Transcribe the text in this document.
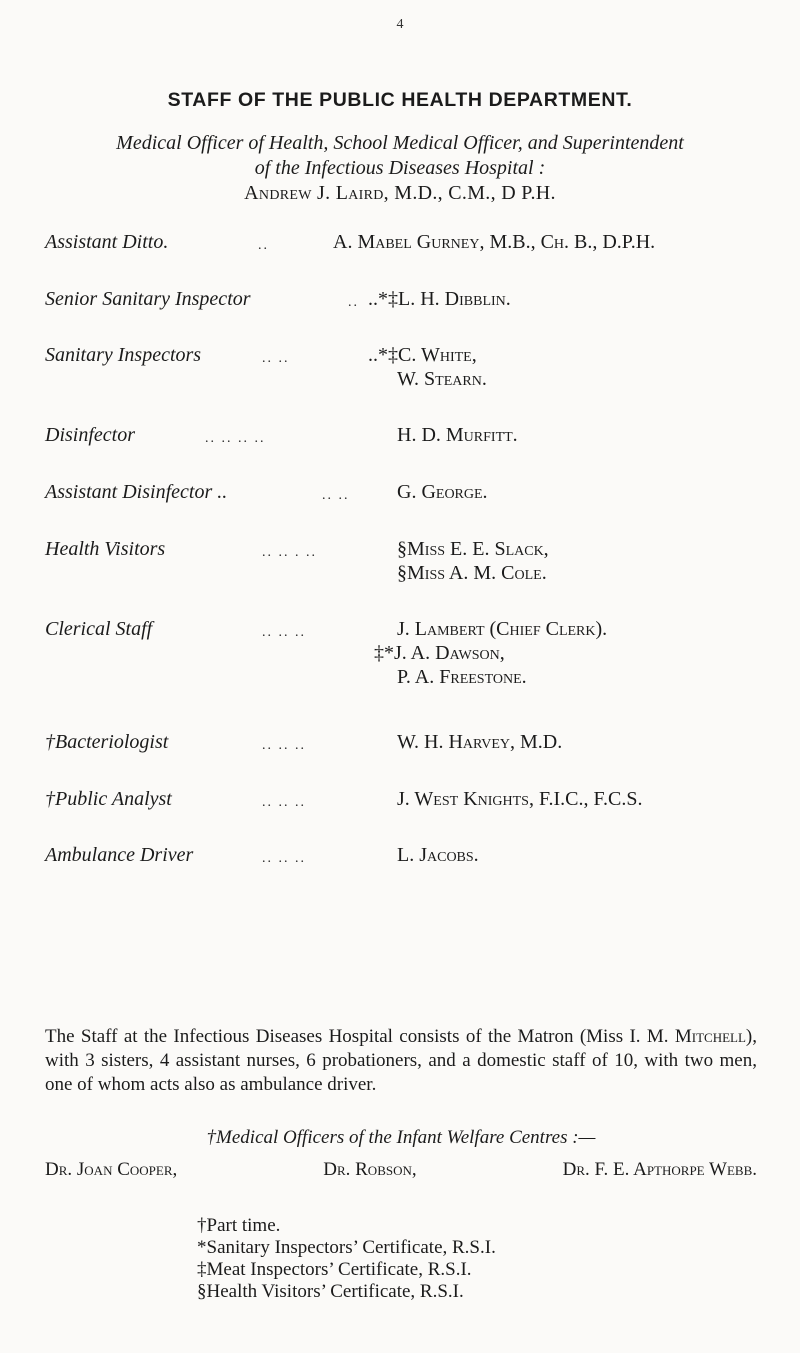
4
STAFF OF THE PUBLIC HEALTH DEPARTMENT.
Medical Officer of Health, School Medical Officer, and Superintendent
of the Infectious Diseases Hospital :
Andrew J. Laird, M.D., C.M., D P.H.
Assistant Ditto.	..	A. Mabel Gurney, M.B., Ch. B., D.P.H.
Senior Sanitary Inspector	.. ..*‡L. H. Dibblin.
Sanitary Inspectors	.. ..	..*‡C. White,
W. Stearn.
Disinfector	.. .. .. ..	H. D. Murfitt.
Assistant Disinfector ..	.. .. G. George.
Health Visitors	.. .. . ..	§Miss E. E. Slack,
§Miss A. M. Cole.
Clerical Staff	.. .. ..	J. Lambert (Chief Clerk).
‡*J. A. Dawson,
P. A. Freestone.
†Bacteriologist	.. .. ..	W. H. Harvey, M.D.
†Public Analyst	.. .. ..	J. West Knights, F.I.C., F.C.S.
Ambulance Driver	.. .. ..	L. Jacobs.
The Staff at the Infectious Diseases Hospital consists of the Matron (Miss I. M. Mitchell), with 3 sisters, 4 assistant nurses, 6 probationers, and a domestic staff of 10, with two men, one of whom acts also as ambulance driver.
†Medical Officers of the Infant Welfare Centres :—
Dr. Joan Cooper,	Dr. Robson,	Dr. F. E. Apthorpe Webb.
†Part time.
*Sanitary Inspectors’ Certificate, R.S.I.
‡Meat Inspectors’ Certificate, R.S.I.
§Health Visitors’ Certificate, R.S.I.
